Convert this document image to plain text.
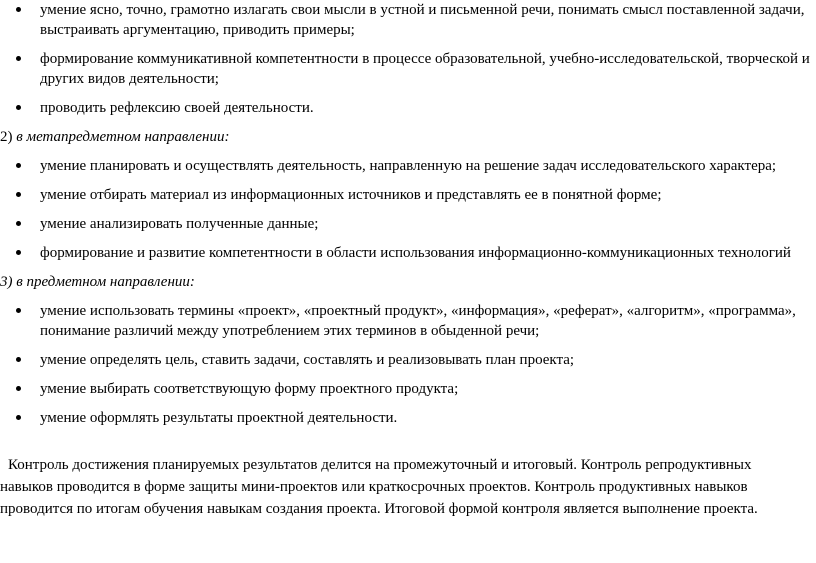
умение ясно, точно, грамотно излагать свои мысли в устной и письменной речи, понимать смысл поставленной задачи, выстраивать аргументацию, приводить примеры;
формирование коммуникативной компетентности в процессе образовательной, учебно-исследовательской, творческой и других видов деятельности;
проводить рефлексию своей деятельности.

2) в метапредметном направлении:

умение планировать и осуществлять деятельность, направленную на решение задач исследовательского характера;
умение отбирать материал из информационных источников и представлять ее в понятной форме;
умение анализировать полученные данные;
формирование и развитие компетентности в области использования информационно-коммуникационных технологий

3) в предметном направлении:

умение использовать термины «проект», «проектный продукт», «информация», «реферат», «алгоритм», «программа», понимание различий между употреблением этих терминов в обыденной речи;
умение определять цель, ставить задачи, составлять и реализовывать план проекта;
умение выбирать соответствующую форму проектного продукта;
умение оформлять результаты проектной деятельности.

Контроль достижения планируемых результатов делится на промежуточный и итоговый. Контроль репродуктивных навыков проводится в форме защиты мини-проектов или краткосрочных проектов. Контроль продуктивных навыков проводится по итогам обучения навыкам создания проекта. Итоговой формой контроля является выполнение проекта.
